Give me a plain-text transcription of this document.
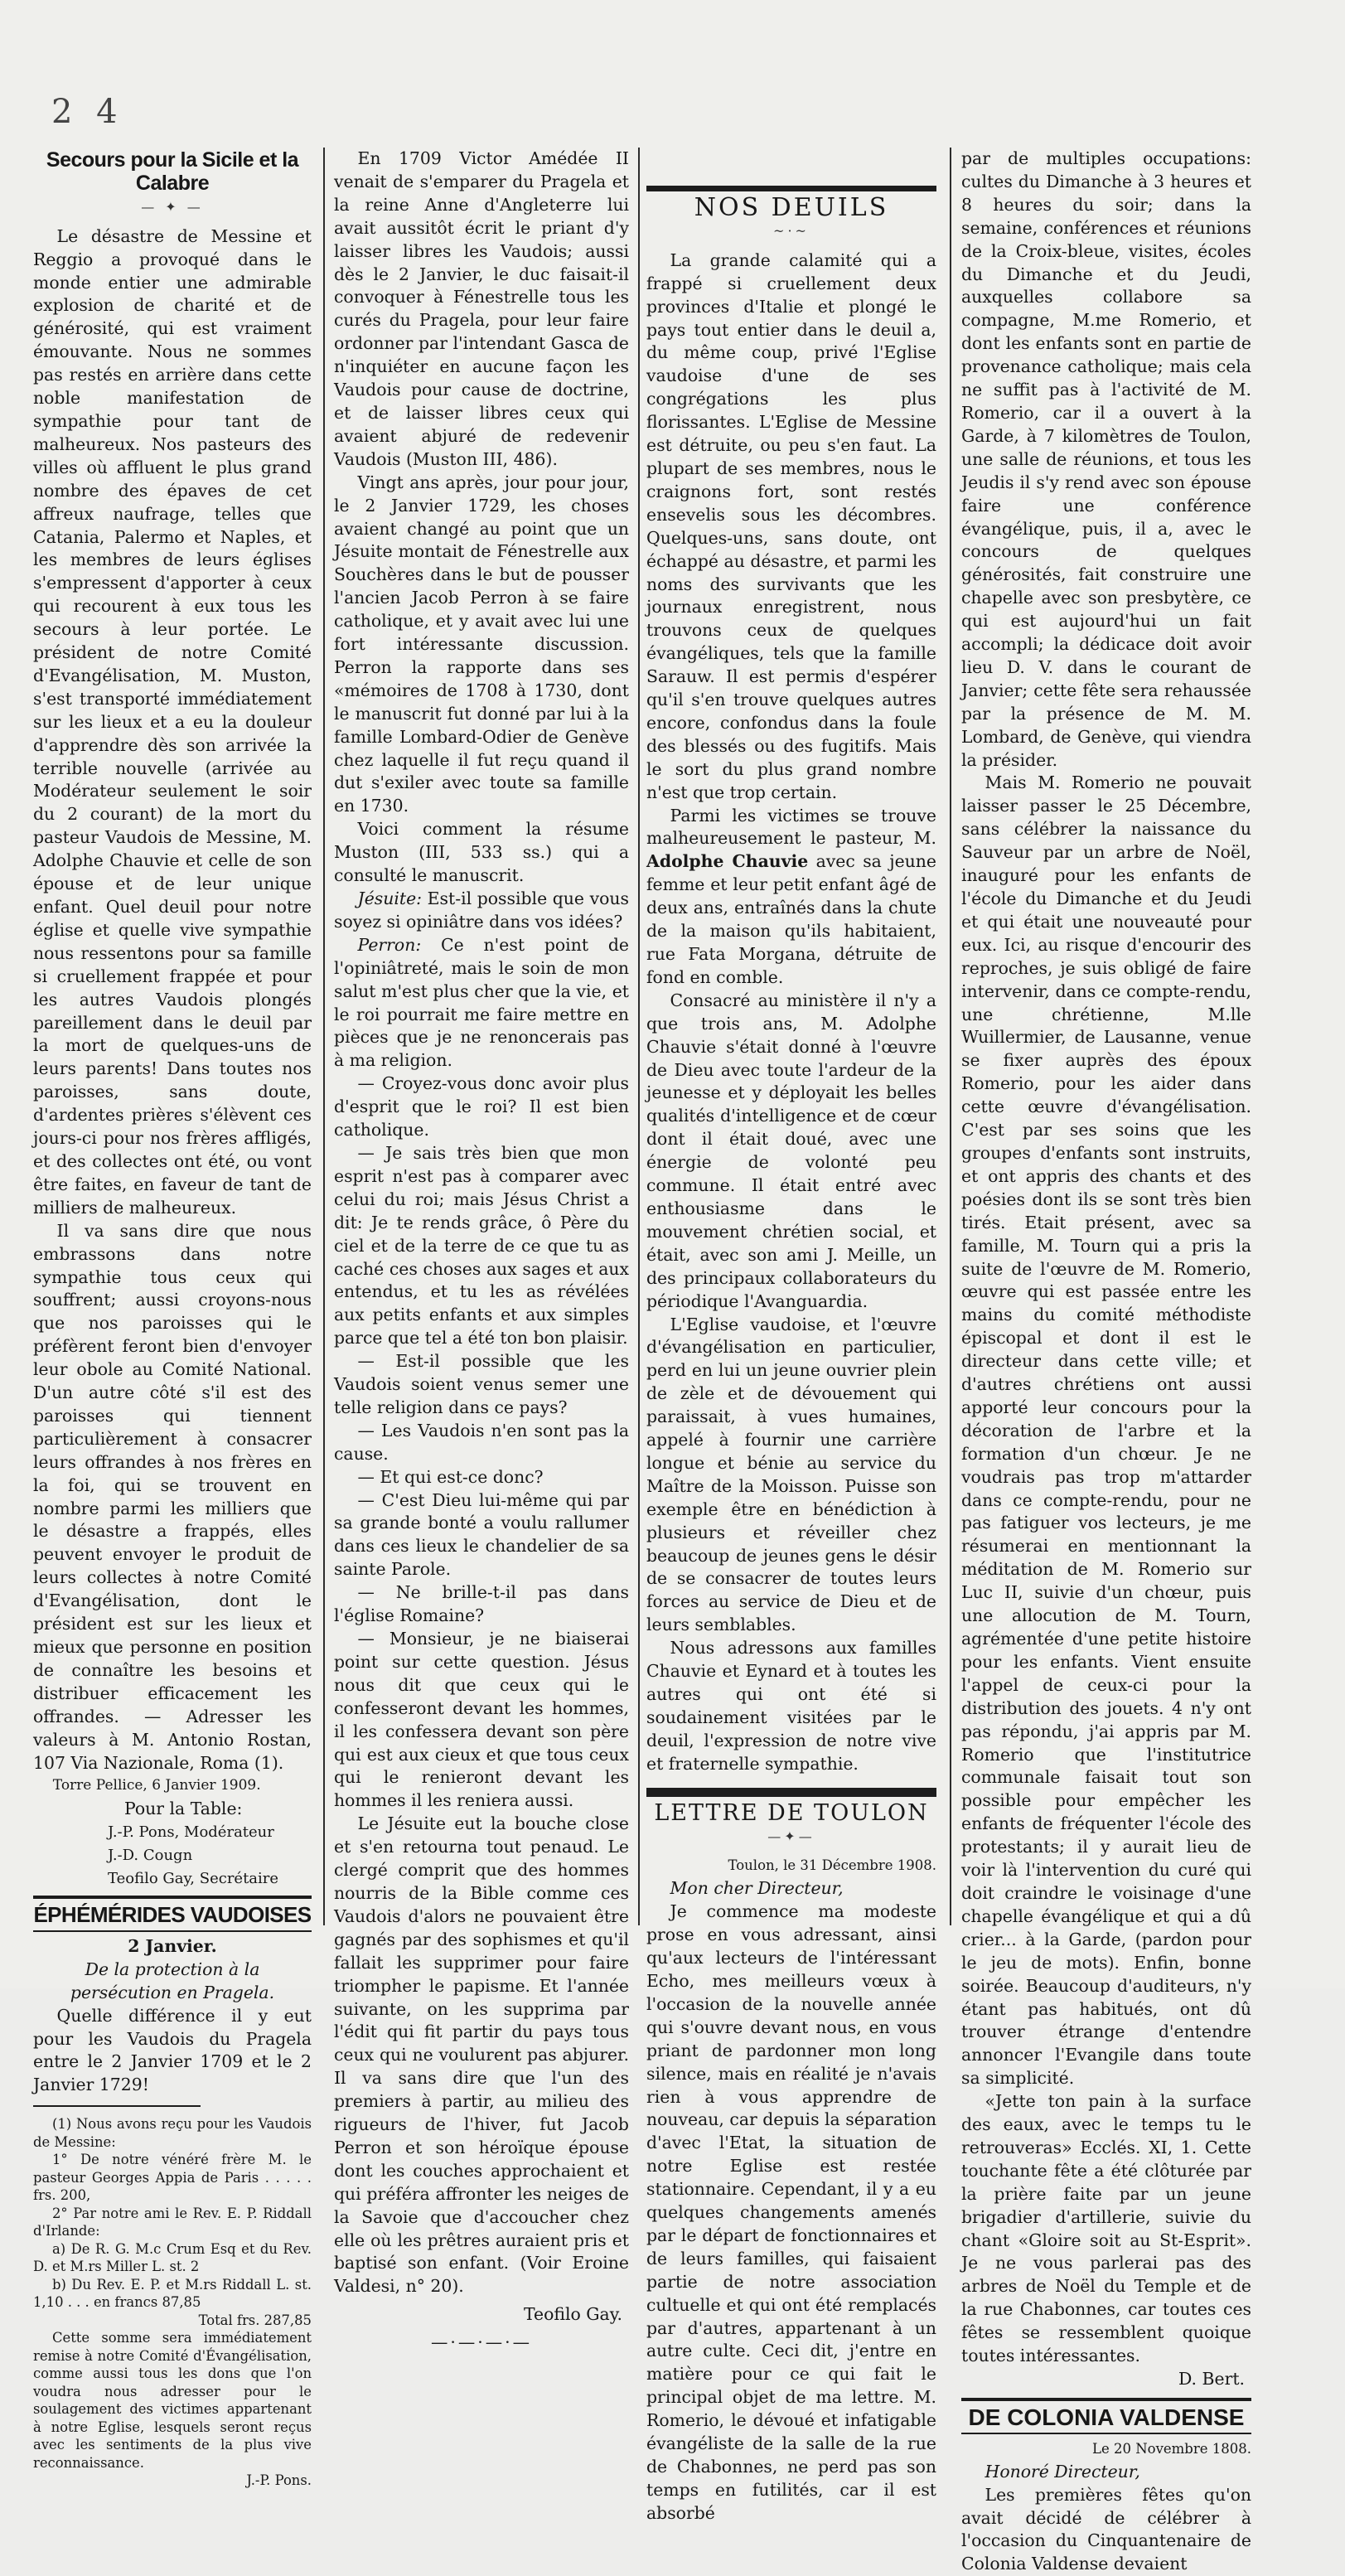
2 4
Secours pour la Sicile et la Calabre
— ✦ —

Le désastre de Messine et Reggio a provoqué dans le monde entier une admirable explosion de charité et de générosité, qui est vraiment émouvante. Nous ne sommes pas restés en arrière dans cette noble manifestation de sympathie pour tant de malheureux. Nos pasteurs des villes où affluent le plus grand nombre des épaves de cet affreux naufrage, telles que Catania, Palermo et Naples, et les membres de leurs églises s'empressent d'apporter à ceux qui recourent à eux tous les secours à leur portée. Le président de notre Comité d'Evangélisation, M. Muston, s'est transporté immédiatement sur les lieux et a eu la douleur d'apprendre dès son arrivée la terrible nouvelle (arrivée au Modérateur seulement le soir du 2 courant) de la mort du pasteur Vaudois de Messine, M. Adolphe Chauvie et celle de son épouse et de leur unique enfant. Quel deuil pour notre église et quelle vive sympathie nous ressentons pour sa famille si cruellement frappée et pour les autres Vaudois plongés pareillement dans le deuil par la mort de quelques-uns de leurs parents! Dans toutes nos paroisses, sans doute, d'ardentes prières s'élèvent ces jours-ci pour nos frères affligés, et des collectes ont été, ou vont être faites, en faveur de tant de milliers de malheureux.

Il va sans dire que nous embrassons dans notre sympathie tous ceux qui souffrent; aussi croyons-nous que nos paroisses qui le préfèrent feront bien d'envoyer leur obole au Comité National. D'un autre côté s'il est des paroisses qui tiennent particulièrement à consacrer leurs offrandes à nos frères en la foi, qui se trouvent en nombre parmi les milliers que le désastre a frappés, elles peuvent envoyer le produit de leurs collectes à notre Comité d'Evangélisation, dont le président est sur les lieux et mieux que personne en position de connaître les besoins et distribuer efficacement les offrandes. — Adresser les valeurs à M. Antonio Rostan, 107 Via Nazionale, Roma (1).

Torre Pellice, 6 Janvier 1909.

Pour la Table:

J.-P. Pons, Modérateur

J.-D. Cougn

Teofilo Gay, Secrétaire

ÉPHÉMÉRIDES VAUDOISES
2 Janvier.
De la protection à la persécution en Pragela.

Quelle différence il y eut pour les Vaudois du Pragela entre le 2 Janvier 1709 et le 2 Janvier 1729!

(1) Nous avons reçu pour les Vaudois de Messine:

1° De notre vénéré frère M. le pasteur Georges Appia de Paris . . . . . frs. 200,

2° Par notre ami le Rev. E. P. Riddall d'Irlande:

a) De R. G. M.c Crum Esq et du Rev. D. et M.rs Miller L. st. 2

b) Du Rev. E. P. et M.rs Riddall L. st. 1,10 . . . en francs 87,85

Total frs. 287,85

Cette somme sera immédiatement remise à notre Comité d'Évangélisation, comme aussi tous les dons que l'on voudra nous adresser pour le soulagement des victimes appartenant à notre Eglise, lesquels seront reçus avec les sentiments de la plus vive reconnaissance.

J.-P. Pons.

En 1709 Victor Amédée II venait de s'emparer du Pragela et la reine Anne d'Angleterre lui avait aussitôt écrit le priant d'y laisser libres les Vaudois; aussi dès le 2 Janvier, le duc faisait-il convoquer à Fénestrelle tous les curés du Pragela, pour leur faire ordonner par l'intendant Gasca de n'inquiéter en aucune façon les Vaudois pour cause de doctrine, et de laisser libres ceux qui avaient abjuré de redevenir Vaudois (Muston III, 486).

Vingt ans après, jour pour jour, le 2 Janvier 1729, les choses avaient changé au point que un Jésuite montait de Fénestrelle aux Souchères dans le but de pousser l'ancien Jacob Perron à se faire catholique, et y avait avec lui une fort intéressante discussion. Perron la rapporte dans ses «mémoires de 1708 à 1730, dont le manuscrit fut donné par lui à la famille Lombard-Odier de Genève chez laquelle il fut reçu quand il dut s'exiler avec toute sa famille en 1730.

Voici comment la résume Muston (III, 533 ss.) qui a consulté le manuscrit.

Jésuite: Est-il possible que vous soyez si opiniâtre dans vos idées?

Perron: Ce n'est point de l'opiniâtreté, mais le soin de mon salut m'est plus cher que la vie, et le roi pourrait me faire mettre en pièces que je ne renoncerais pas à ma religion.

— Croyez-vous donc avoir plus d'esprit que le roi? Il est bien catholique.

— Je sais très bien que mon esprit n'est pas à comparer avec celui du roi; mais Jésus Christ a dit: Je te rends grâce, ô Père du ciel et de la terre de ce que tu as caché ces choses aux sages et aux entendus, et tu les as révélées aux petits enfants et aux simples parce que tel a été ton bon plaisir.

— Est-il possible que les Vaudois soient venus semer une telle religion dans ce pays?

— Les Vaudois n'en sont pas la cause.

— Et qui est-ce donc?

— C'est Dieu lui-même qui par sa grande bonté a voulu rallumer dans ces lieux le chandelier de sa sainte Parole.

— Ne brille-t-il pas dans l'église Romaine?

— Monsieur, je ne biaiserai point sur cette question. Jésus nous dit que ceux qui le confesseront devant les hommes, il les confessera devant son père qui est aux cieux et que tous ceux qui le renieront devant les hommes il les reniera aussi.

Le Jésuite eut la bouche close et s'en retourna tout penaud. Le clergé comprit que des hommes nourris de la Bible comme ces Vaudois d'alors ne pouvaient être gagnés par des sophismes et qu'il fallait les supprimer pour faire triompher le papisme. Et l'année suivante, on les supprima par l'édit qui fit partir du pays tous ceux qui ne voulurent pas abjurer. Il va sans dire que l'un des premiers à partir, au milieu des rigueurs de l'hiver, fut Jacob Perron et son héroïque épouse dont les couches approchaient et qui préféra affronter les neiges de la Savoie que d'accoucher chez elle où les prêtres auraient pris et baptisé son enfant. (Voir Eroine Valdesi, n° 20).

Teofilo Gay.

—·—·—·—
NOS DEUILS
~·~

La grande calamité qui a frappé si cruellement deux provinces d'Italie et plongé le pays tout entier dans le deuil a, du même coup, privé l'Eglise vaudoise d'une de ses congrégations les plus florissantes. L'Eglise de Messine est détruite, ou peu s'en faut. La plupart de ses membres, nous le craignons fort, sont restés ensevelis sous les décombres. Quelques-uns, sans doute, ont échappé au désastre, et parmi les noms des survivants que les journaux enregistrent, nous trouvons ceux de quelques évangéliques, tels que la famille Sarauw. Il est permis d'espérer qu'il s'en trouve quelques autres encore, confondus dans la foule des blessés ou des fugitifs. Mais le sort du plus grand nombre n'est que trop certain.

Parmi les victimes se trouve malheureusement le pasteur, M. Adolphe Chauvie avec sa jeune femme et leur petit enfant âgé de deux ans, entraînés dans la chute de la maison qu'ils habitaient, rue Fata Morgana, détruite de fond en comble.

Consacré au ministère il n'y a que trois ans, M. Adolphe Chauvie s'était donné à l'œuvre de Dieu avec toute l'ardeur de la jeunesse et y déployait les belles qualités d'intelligence et de cœur dont il était doué, avec une énergie de volonté peu commune. Il était entré avec enthousiasme dans le mouvement chrétien social, et était, avec son ami J. Meille, un des principaux collaborateurs du périodique l'Avanguardia.

L'Eglise vaudoise, et l'œuvre d'évangélisation en particulier, perd en lui un jeune ouvrier plein de zèle et de dévouement qui paraissait, à vues humaines, appelé à fournir une carrière longue et bénie au service du Maître de la Moisson. Puisse son exemple être en bénédiction à plusieurs et réveiller chez beaucoup de jeunes gens le désir de se consacrer de toutes leurs forces au service de Dieu et de leurs semblables.

Nous adressons aux familles Chauvie et Eynard et à toutes les autres qui ont été si soudainement visitées par le deuil, l'expression de notre vive et fraternelle sympathie.

LETTRE DE TOULON
—✦—
Toulon, le 31 Décembre 1908.

Mon cher Directeur,

Je commence ma modeste prose en vous adressant, ainsi qu'aux lecteurs de l'intéressant Echo, mes meilleurs vœux à l'occasion de la nouvelle année qui s'ouvre devant nous, en vous priant de pardonner mon long silence, mais en réalité je n'avais rien à vous apprendre de nouveau, car depuis la séparation d'avec l'Etat, la situation de notre Eglise est restée stationnaire. Cependant, il y a eu quelques changements amenés par le départ de fonctionnaires et de leurs familles, qui faisaient partie de notre association cultuelle et qui ont été remplacés par d'autres, appartenant à un autre culte. Ceci dit, j'entre en matière pour ce qui fait le principal objet de ma lettre. M. Romerio, le dévoué et infatigable évangéliste de la salle de la rue de Chabonnes, ne perd pas son temps en futilités, car il est absorbé

par de multiples occupations: cultes du Dimanche à 3 heures et 8 heures du soir; dans la semaine, conférences et réunions de la Croix-bleue, visites, écoles du Dimanche et du Jeudi, auxquelles collabore sa compagne, M.me Romerio, et dont les enfants sont en partie de provenance catholique; mais cela ne suffit pas à l'activité de M. Romerio, car il a ouvert à la Garde, à 7 kilomètres de Toulon, une salle de réunions, et tous les Jeudis il s'y rend avec son épouse faire une conférence évangélique, puis, il a, avec le concours de quelques générosités, fait construire une chapelle avec son presbytère, ce qui est aujourd'hui un fait accompli; la dédicace doit avoir lieu D. V. dans le courant de Janvier; cette fête sera rehaussée par la présence de M. M. Lombard, de Genève, qui viendra la présider.

Mais M. Romerio ne pouvait laisser passer le 25 Décembre, sans célébrer la naissance du Sauveur par un arbre de Noël, inauguré pour les enfants de l'école du Dimanche et du Jeudi et qui était une nouveauté pour eux. Ici, au risque d'encourir des reproches, je suis obligé de faire intervenir, dans ce compte-rendu, une chrétienne, M.lle Wuillermier, de Lausanne, venue se fixer auprès des époux Romerio, pour les aider dans cette œuvre d'évangélisation. C'est par ses soins que les groupes d'enfants sont instruits, et ont appris des chants et des poésies dont ils se sont très bien tirés. Etait présent, avec sa famille, M. Tourn qui a pris la suite de l'œuvre de M. Romerio, œuvre qui est passée entre les mains du comité méthodiste épiscopal et dont il est le directeur dans cette ville; et d'autres chrétiens ont aussi apporté leur concours pour la décoration de l'arbre et la formation d'un chœur. Je ne voudrais pas trop m'attarder dans ce compte-rendu, pour ne pas fatiguer vos lecteurs, je me résumerai en mentionnant la méditation de M. Romerio sur Luc II, suivie d'un chœur, puis une allocution de M. Tourn, agrémentée d'une petite histoire pour les enfants. Vient ensuite l'appel de ceux-ci pour la distribution des jouets. 4 n'y ont pas répondu, j'ai appris par M. Romerio que l'institutrice communale faisait tout son possible pour empêcher les enfants de fréquenter l'école des protestants; il y aurait lieu de voir là l'intervention du curé qui doit craindre le voisinage d'une chapelle évangélique et qui a dû crier... à la Garde, (pardon pour le jeu de mots). Enfin, bonne soirée. Beaucoup d'auditeurs, n'y étant pas habitués, ont dû trouver étrange d'entendre annoncer l'Evangile dans toute sa simplicité.

«Jette ton pain à la surface des eaux, avec le temps tu le retrouveras» Ecclés. XI, 1. Cette touchante fête a été clôturée par la prière faite par un jeune brigadier d'artillerie, suivie du chant «Gloire soit au St-Esprit». Je ne vous parlerai pas des arbres de Noël du Temple et de la rue Chabonnes, car toutes ces fêtes se ressemblent quoique toutes intéressantes.

D. Bert.

DE COLONIA VALDENSE
Le 20 Novembre 1808.

Honoré Directeur,

Les premières fêtes qu'on avait décidé de célébrer à l'occasion du Cinquantenaire de Colonia Valdense devaient
